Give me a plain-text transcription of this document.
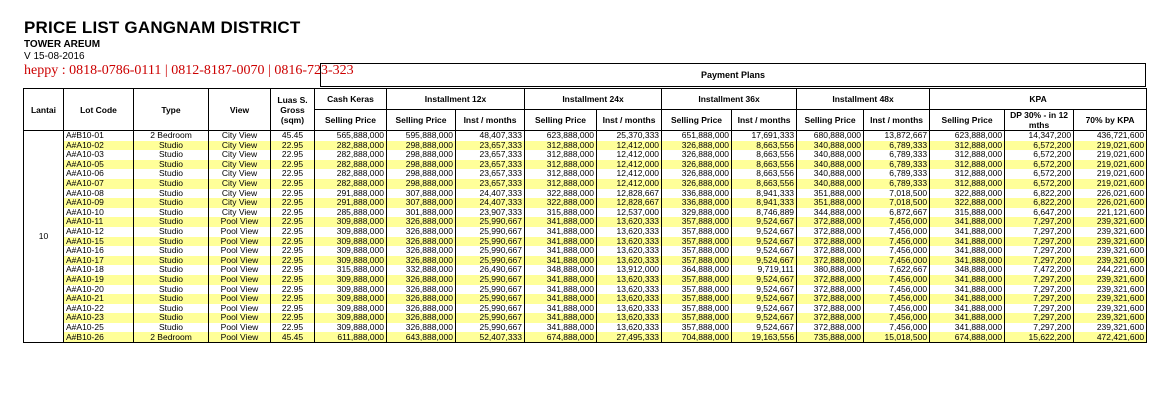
PRICE LIST GANGNAM DISTRICT
TOWER AREUM
V 15-08-2016
heppy : 0818-0786-0111 | 0812-8187-0070 | 0816-723-323	Payment Plans
Lantai	Lot Code	Type	View	Luas S. Gross (sqm)	Cash Keras	Installment 12x		Installment 24x		Installment 36x		Installment 48x		KPA		
					Selling Price	Selling Price	Inst / months	Selling Price	Inst / months	Selling Price	Inst / months	Selling Price	Inst / months	Selling Price	DP 30% - in 12 mths	70% by KPA
10	A#B10-01	2 Bedroom	City View	45.45	565,888,000	595,888,000	48,407,333	623,888,000	25,370,333	651,888,000	17,691,333	680,888,000	13,872,667	623,888,000	14,347,200	436,721,600
	A#A10-02	Studio	City View	22.95	282,888,000	298,888,000	23,657,333	312,888,000	12,412,000	326,888,000	8,663,556	340,888,000	6,789,333	312,888,000	6,572,200	219,021,600
	A#A10-03	Studio	City View	22.95	282,888,000	298,888,000	23,657,333	312,888,000	12,412,000	326,888,000	8,663,556	340,888,000	6,789,333	312,888,000	6,572,200	219,021,600
	A#A10-05	Studio	City View	22.95	282,888,000	298,888,000	23,657,333	312,888,000	12,412,000	326,888,000	8,663,556	340,888,000	6,789,333	312,888,000	6,572,200	219,021,600
	A#A10-06	Studio	City View	22.95	282,888,000	298,888,000	23,657,333	312,888,000	12,412,000	326,888,000	8,663,556	340,888,000	6,789,333	312,888,000	6,572,200	219,021,600
	A#A10-07	Studio	City View	22.95	282,888,000	298,888,000	23,657,333	312,888,000	12,412,000	326,888,000	8,663,556	340,888,000	6,789,333	312,888,000	6,572,200	219,021,600
	A#A10-08	Studio	City View	22.95	291,888,000	307,888,000	24,407,333	322,888,000	12,828,667	336,888,000	8,941,333	351,888,000	7,018,500	322,888,000	6,822,200	226,021,600
	A#A10-09	Studio	City View	22.95	291,888,000	307,888,000	24,407,333	322,888,000	12,828,667	336,888,000	8,941,333	351,888,000	7,018,500	322,888,000	6,822,200	226,021,600
	A#A10-10	Studio	City View	22.95	285,888,000	301,888,000	23,907,333	315,888,000	12,537,000	329,888,000	8,746,889	344,888,000	6,872,667	315,888,000	6,647,200	221,121,600
	A#A10-11	Studio	Pool View	22.95	309,888,000	326,888,000	25,990,667	341,888,000	13,620,333	357,888,000	9,524,667	372,888,000	7,456,000	341,888,000	7,297,200	239,321,600
	A#A10-12	Studio	Pool View	22.95	309,888,000	326,888,000	25,990,667	341,888,000	13,620,333	357,888,000	9,524,667	372,888,000	7,456,000	341,888,000	7,297,200	239,321,600
	A#A10-15	Studio	Pool View	22.95	309,888,000	326,888,000	25,990,667	341,888,000	13,620,333	357,888,000	9,524,667	372,888,000	7,456,000	341,888,000	7,297,200	239,321,600
	A#A10-16	Studio	Pool View	22.95	309,888,000	326,888,000	25,990,667	341,888,000	13,620,333	357,888,000	9,524,667	372,888,000	7,456,000	341,888,000	7,297,200	239,321,600
	A#A10-17	Studio	Pool View	22.95	309,888,000	326,888,000	25,990,667	341,888,000	13,620,333	357,888,000	9,524,667	372,888,000	7,456,000	341,888,000	7,297,200	239,321,600
	A#A10-18	Studio	Pool View	22.95	315,888,000	332,888,000	26,490,667	348,888,000	13,912,000	364,888,000	9,719,111	380,888,000	7,622,667	348,888,000	7,472,200	244,221,600
	A#A10-19	Studio	Pool View	22.95	309,888,000	326,888,000	25,990,667	341,888,000	13,620,333	357,888,000	9,524,667	372,888,000	7,456,000	341,888,000	7,297,200	239,321,600
	A#A10-20	Studio	Pool View	22.95	309,888,000	326,888,000	25,990,667	341,888,000	13,620,333	357,888,000	9,524,667	372,888,000	7,456,000	341,888,000	7,297,200	239,321,600
	A#A10-21	Studio	Pool View	22.95	309,888,000	326,888,000	25,990,667	341,888,000	13,620,333	357,888,000	9,524,667	372,888,000	7,456,000	341,888,000	7,297,200	239,321,600
	A#A10-22	Studio	Pool View	22.95	309,888,000	326,888,000	25,990,667	341,888,000	13,620,333	357,888,000	9,524,667	372,888,000	7,456,000	341,888,000	7,297,200	239,321,600
	A#A10-23	Studio	Pool View	22.95	309,888,000	326,888,000	25,990,667	341,888,000	13,620,333	357,888,000	9,524,667	372,888,000	7,456,000	341,888,000	7,297,200	239,321,600
	A#A10-25	Studio	Pool View	22.95	309,888,000	326,888,000	25,990,667	341,888,000	13,620,333	357,888,000	9,524,667	372,888,000	7,456,000	341,888,000	7,297,200	239,321,600
	A#B10-26	2 Bedroom	Pool View	45.45	611,888,000	643,888,000	52,407,333	674,888,000	27,495,333	704,888,000	19,163,556	735,888,000	15,018,500	674,888,000	15,622,200	472,421,600
